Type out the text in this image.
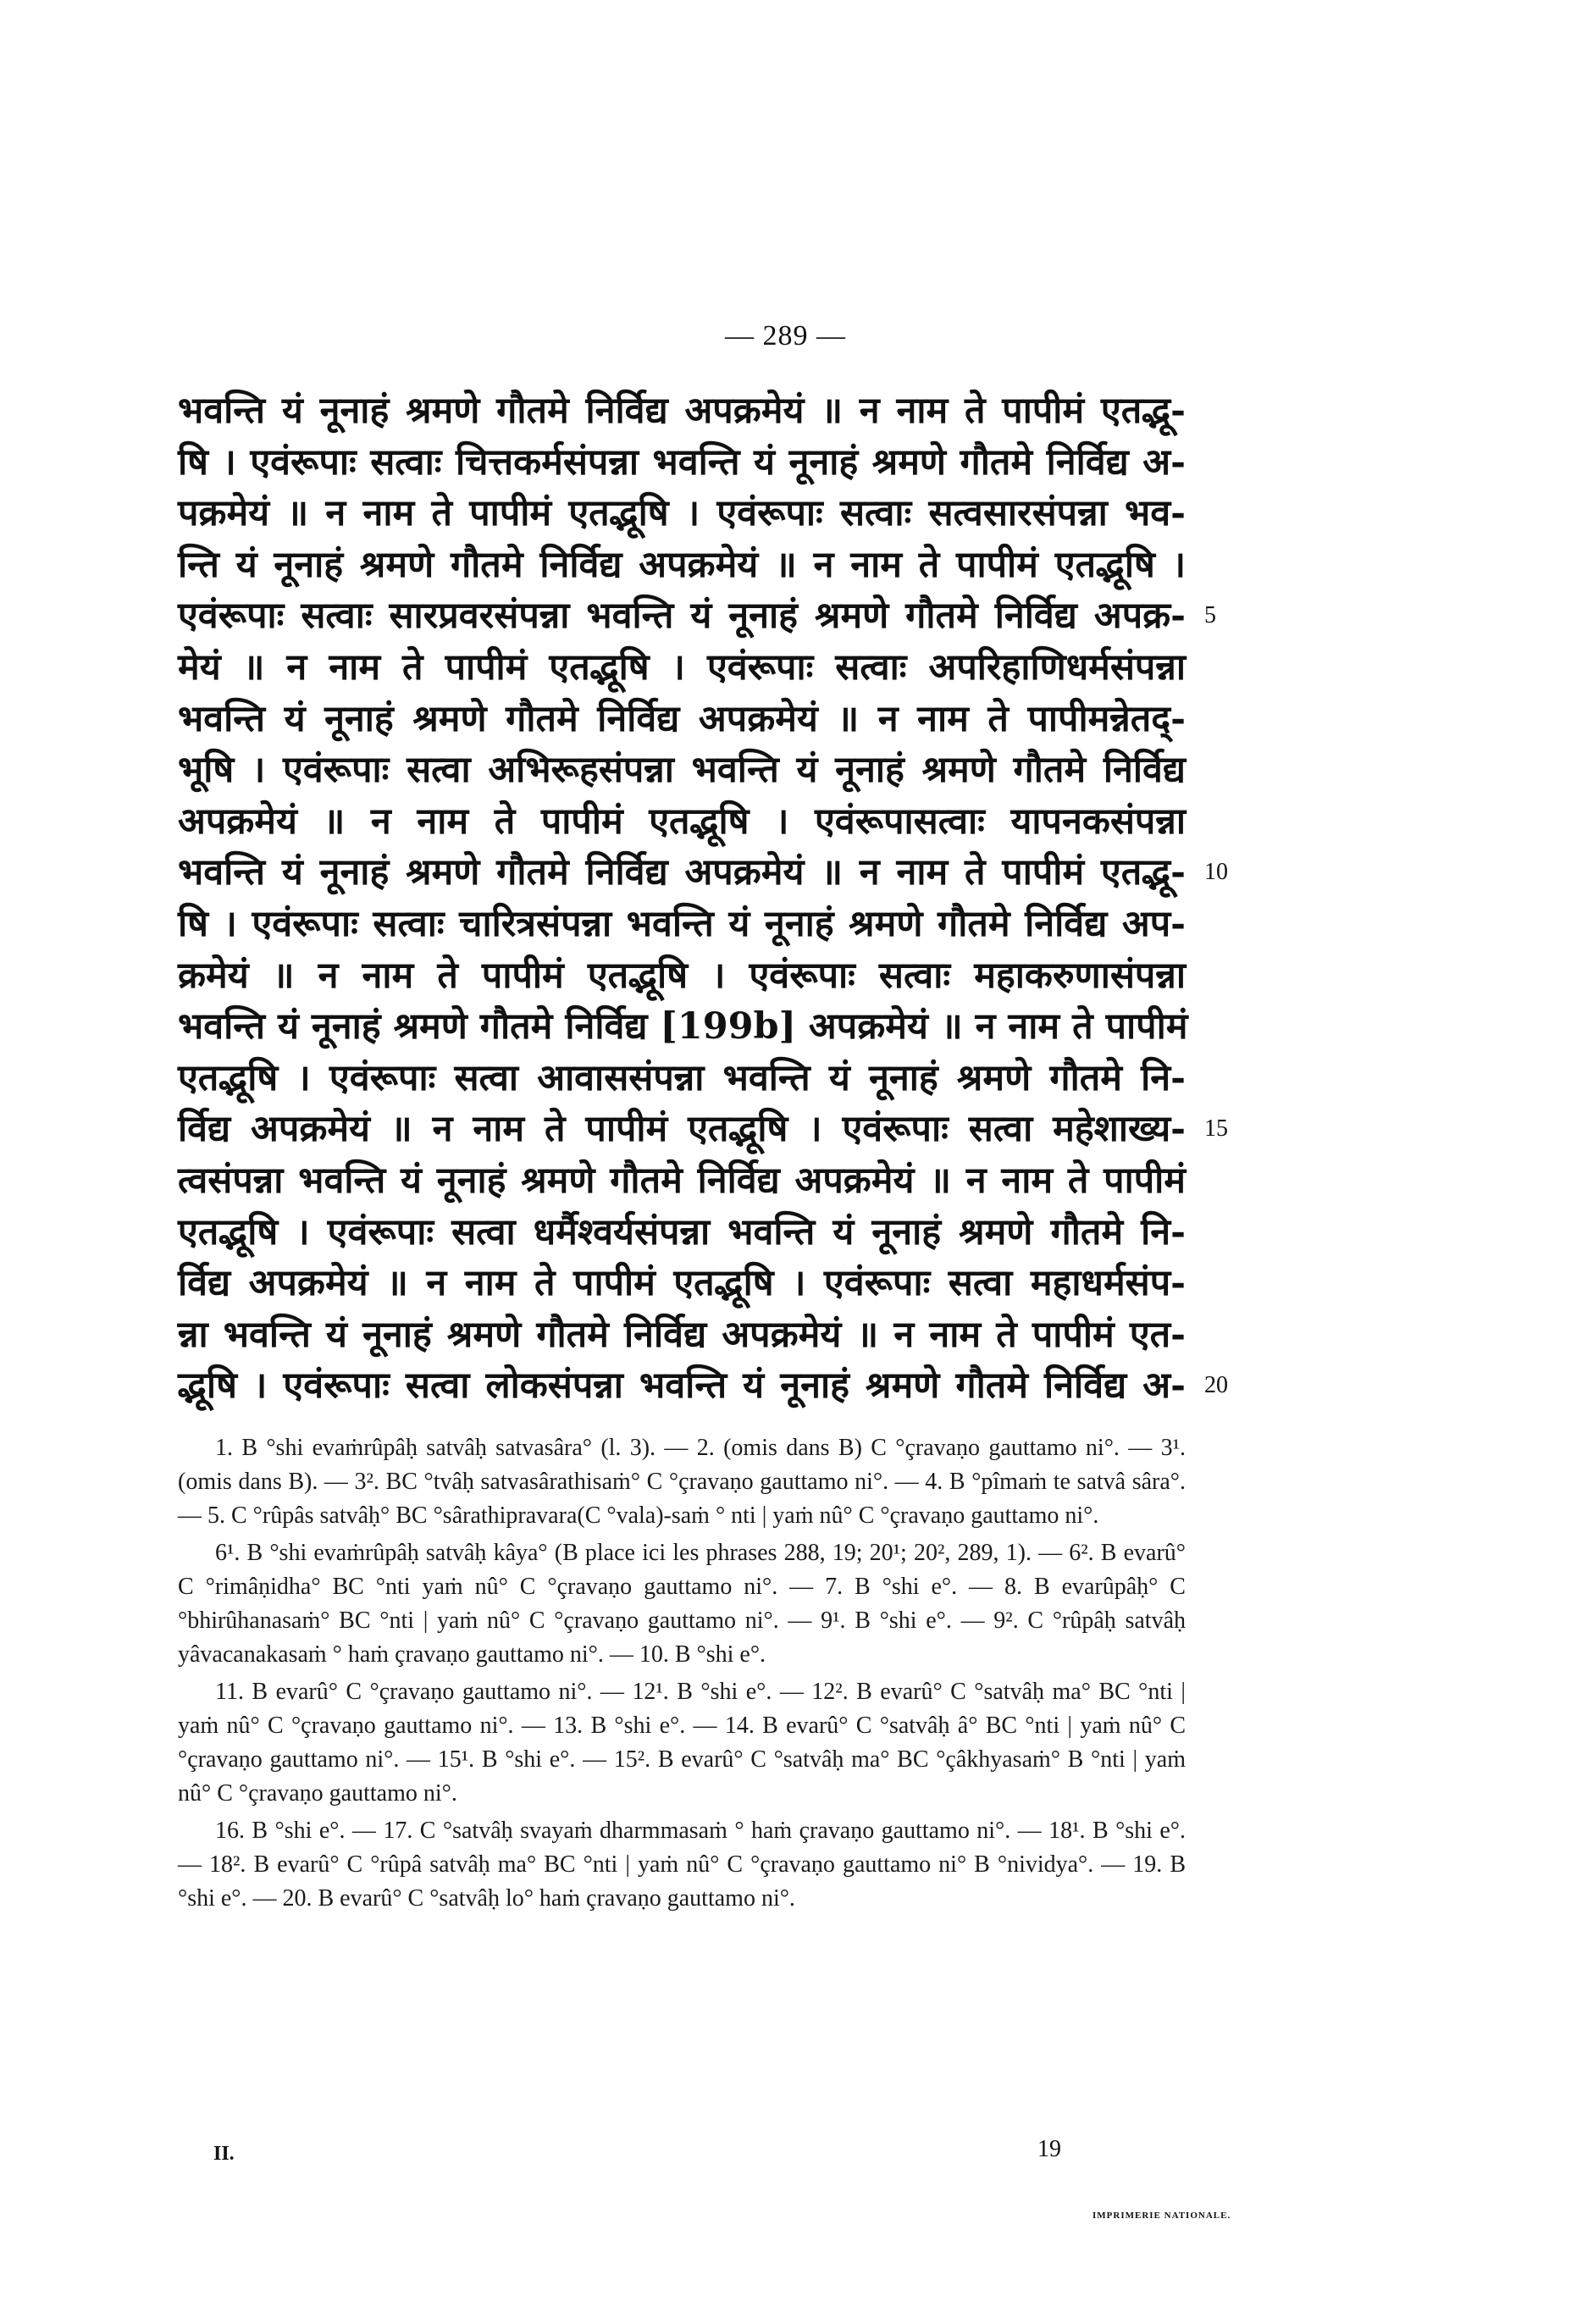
— 289 —
भवन्ति यं नूनाहं श्रमणे गौतमे निर्विद्य अपक्रमेयं ॥ न नाम ते पापीमं एतद्भू-
षि । एवंरूपाः सत्वाः चित्तकर्मसंपन्ना भवन्ति यं नूनाहं श्रमणे गौतमे निर्विद्य अ-
पक्रमेयं ॥ न नाम ते पापीमं एतद्भूषि । एवंरूपाः सत्वाः सत्वसारसंपन्ना भव-
न्ति यं नूनाहं श्रमणे गौतमे निर्विद्य अपक्रमेयं ॥ न नाम ते पापीमं एतद्भूषि ।
एवंरूपाः सत्वाः सारप्रवरसंपन्ना भवन्ति यं नूनाहं श्रमणे गौतमे निर्विद्य अपक्र- 5
मेयं ॥ न नाम ते पापीमं एतद्भूषि । एवंरूपाः सत्वाः अपरिहाणिधर्मसंपन्ना
भवन्ति यं नूनाहं श्रमणे गौतमे निर्विद्य अपक्रमेयं ॥ न नाम ते पापीमन्नेतद्-
भूषि । एवंरूपाः सत्वा अभिरूहसंपन्ना भवन्ति यं नूनाहं श्रमणे गौतमे निर्विद्य
अपक्रमेयं ॥ न नाम ते पापीमं एतद्भूषि । एवंरूपासत्वाः यापनकसंपन्ना
भवन्ति यं नूनाहं श्रमणे गौतमे निर्विद्य अपक्रमेयं ॥ न नाम ते पापीमं एतद्भू- 10
षि । एवंरूपाः सत्वाः चारित्रसंपन्ना भवन्ति यं नूनाहं श्रमणे गौतमे निर्विद्य अप-
क्रमेयं ॥ न नाम ते पापीमं एतद्भूषि । एवंरूपाः सत्वाः महाकरुणासंपन्ना
भवन्ति यं नूनाहं श्रमणे गौतमे निर्विद्य [199b] अपक्रमेयं ॥ न नाम ते पापीमं
एतद्भूषि । एवंरूपाः सत्वा आवाससंपन्ना भवन्ति यं नूनाहं श्रमणे गौतमे नि-
र्विद्य अपक्रमेयं ॥ न नाम ते पापीमं एतद्भूषि । एवंरूपाः सत्वा महेशाख्य- 15
त्वसंपन्ना भवन्ति यं नूनाहं श्रमणे गौतमे निर्विद्य अपक्रमेयं ॥ न नाम ते पापीमं
एतद्भूषि । एवंरूपाः सत्वा धर्मैश्वर्यसंपन्ना भवन्ति यं नूनाहं श्रमणे गौतमे नि-
र्विद्य अपक्रमेयं ॥ न नाम ते पापीमं एतद्भूषि । एवंरूपाः सत्वा महाधर्मसंप-
न्ना भवन्ति यं नूनाहं श्रमणे गौतमे निर्विद्य अपक्रमेयं ॥ न नाम ते पापीमं एत-
द्भूषि । एवंरूपाः सत्वा लोकसंपन्ना भवन्ति यं नूनाहं श्रमणे गौतमे निर्विद्य अ- 20

1. B °shi evaṁrûpâḥ satvâḥ satvasâra° (l. 3). — 2. (omis dans B) C °çravaṇo gauttamo ni°. — 3¹. (omis dans B). — 3². BC °tvâḥ satvasârathisaṁ° C °çravaṇo gauttamo ni°. — 4. B °pîmaṁ te satvâ sâra°. — 5. C °rûpâs satvâḥ° BC °sârathipravara(C °vala)-saṁ ° nti | yaṁ nû° C °çravaṇo gauttamo ni°.

6¹. B °shi evaṁrûpâḥ satvâḥ kâya° (B place ici les phrases 288, 19; 20¹; 20², 289, 1). — 6². B evarû° C °rimâṇidha° BC °nti yaṁ nû° C °çravaṇo gauttamo ni°. — 7. B °shi e°. — 8. B evarûpâḥ° C °bhirûhanasaṁ° BC °nti | yaṁ nû° C °çravaṇo gauttamo ni°. — 9¹. B °shi e°. — 9². C °rûpâḥ satvâḥ yâvacanakasaṁ ° haṁ çravaṇo gauttamo ni°. — 10. B °shi e°.

11. B evarû° C °çravaṇo gauttamo ni°. — 12¹. B °shi e°. — 12². B evarû° C °satvâḥ ma° BC °nti | yaṁ nû° C °çravaṇo gauttamo ni°. — 13. B °shi e°. — 14. B evarû° C °satvâḥ â° BC °nti | yaṁ nû° C °çravaṇo gauttamo ni°. — 15¹. B °shi e°. — 15². B evarû° C °satvâḥ ma° BC °çâkhyasaṁ° B °nti | yaṁ nû° C °çravaṇo gauttamo ni°.

16. B °shi e°. — 17. C °satvâḥ svayaṁ dharmmasaṁ ° haṁ çravaṇo gauttamo ni°. — 18¹. B °shi e°. — 18². B evarû° C °rûpâ satvâḥ ma° BC °nti | yaṁ nû° C °çravaṇo gauttamo ni° B °nividya°. — 19. B °shi e°. — 20. B evarû° C °satvâḥ lo° haṁ çravaṇo gauttamo ni°.

II.	19
IMPRIMERIE NATIONALE.
